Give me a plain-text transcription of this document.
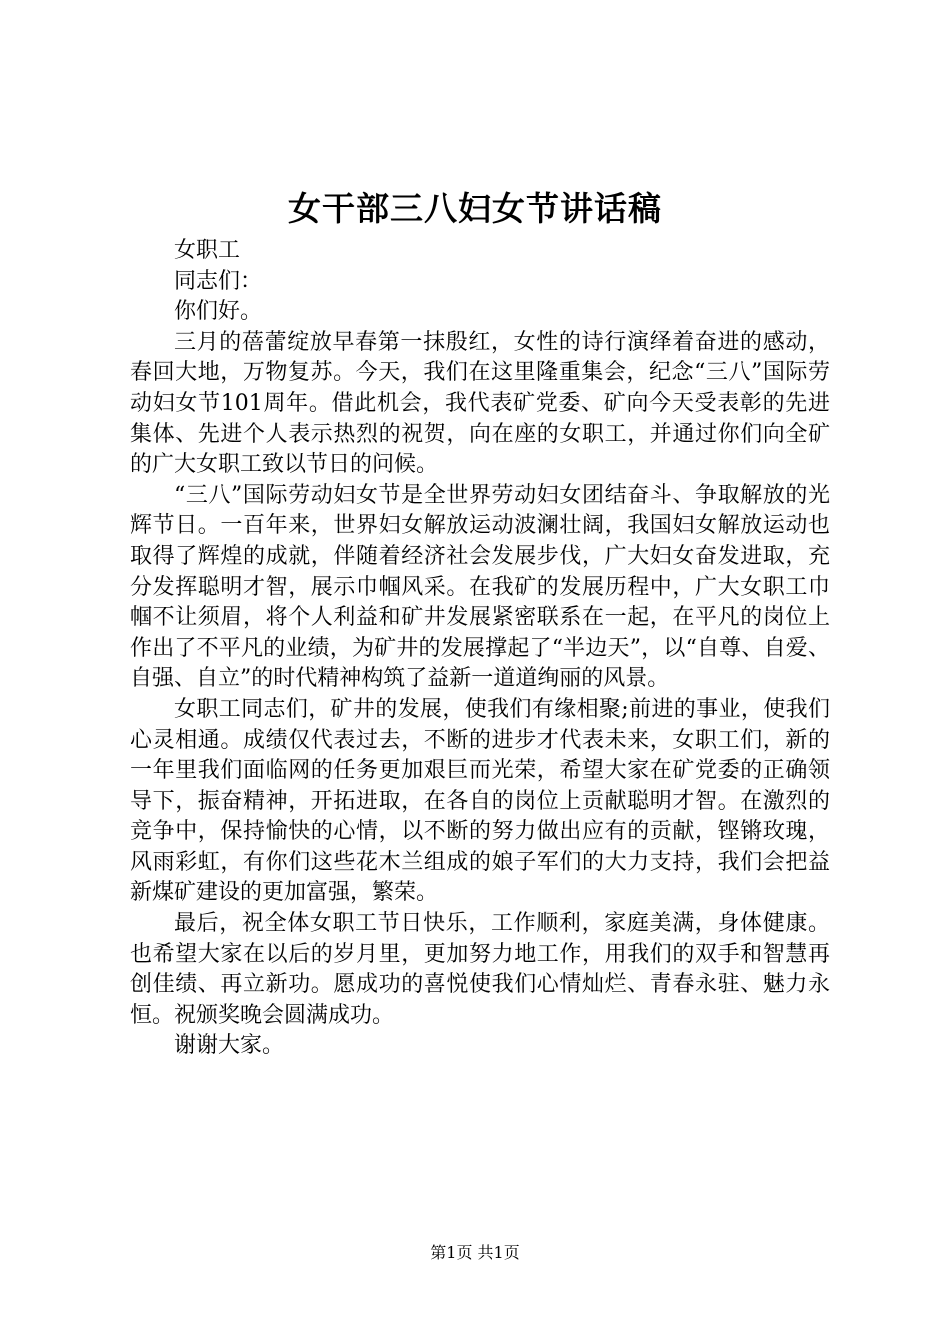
女干部三八妇女节讲话稿

女职工

同志们：

你们好。

三月的蓓蕾绽放早春第一抹殷红，女性的诗行演绎着奋进的感动，春回大地，万物复苏。今天，我们在这里隆重集会，纪念“三八”国际劳动妇女节101周年。借此机会，我代表矿党委、矿向今天受表彰的先进集体、先进个人表示热烈的祝贺，向在座的女职工，并通过你们向全矿的广大女职工致以节日的问候。

“三八”国际劳动妇女节是全世界劳动妇女团结奋斗、争取解放的光辉节日。一百年来，世界妇女解放运动波澜壮阔，我国妇女解放运动也取得了辉煌的成就，伴随着经济社会发展步伐，广大妇女奋发进取，充分发挥聪明才智，展示巾帼风采。在我矿的发展历程中，广大女职工巾帼不让须眉，将个人利益和矿井发展紧密联系在一起，在平凡的岗位上作出了不平凡的业绩，为矿井的发展撑起了“半边天”，以“自尊、自爱、自强、自立”的时代精神构筑了益新一道道绚丽的风景。

女职工同志们，矿井的发展，使我们有缘相聚;前进的事业，使我们心灵相通。成绩仅代表过去，不断的进步才代表未来，女职工们，新的一年里我们面临网的任务更加艰巨而光荣，希望大家在矿党委的正确领导下，振奋精神，开拓进取，在各自的岗位上贡献聪明才智。在激烈的竞争中，保持愉快的心情，以不断的努力做出应有的贡献，铿锵玫瑰，风雨彩虹，有你们这些花木兰组成的娘子军们的大力支持，我们会把益新煤矿建设的更加富强，繁荣。

最后，祝全体女职工节日快乐，工作顺利，家庭美满，身体健康。也希望大家在以后的岁月里，更加努力地工作，用我们的双手和智慧再创佳绩、再立新功。愿成功的喜悦使我们心情灿烂、青春永驻、魅力永恒。祝颁奖晚会圆满成功。

谢谢大家。

第1页 共1页
